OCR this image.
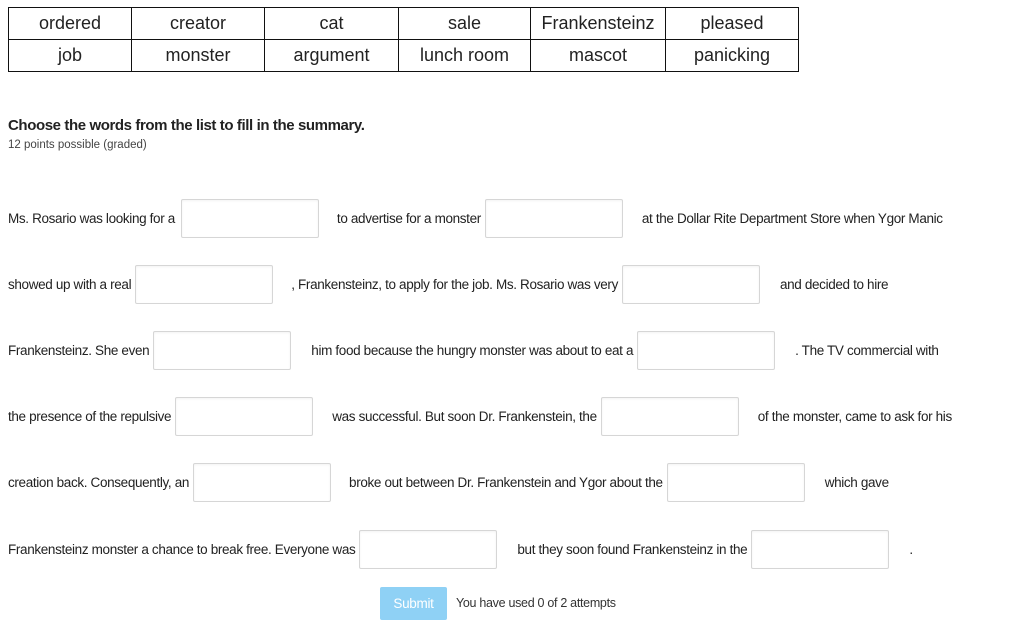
ordered	creator	cat	sale	Frankensteinz	pleased
job	monster	argument	lunch room	mascot	panicking
Choose the words from the list to fill in the summary.
12 points possible (graded)
Ms. Rosario was looking for a	to advertise for a monster	at the Dollar Rite Department Store when Ygor Manic
showed up with a real	, Frankensteinz, to apply for the job. Ms. Rosario was very	and decided to hire
Frankensteinz. She even	him food because the hungry monster was about to eat a	. The TV commercial with
the presence of the repulsive	was successful. But soon Dr. Frankenstein, the	of the monster, came to ask for his
creation back. Consequently, an	broke out between Dr. Frankenstein and Ygor about the	which gave
Frankensteinz monster a chance to break free. Everyone was	but they soon found Frankensteinz in the	.
Submit	You have used 0 of 2 attempts
